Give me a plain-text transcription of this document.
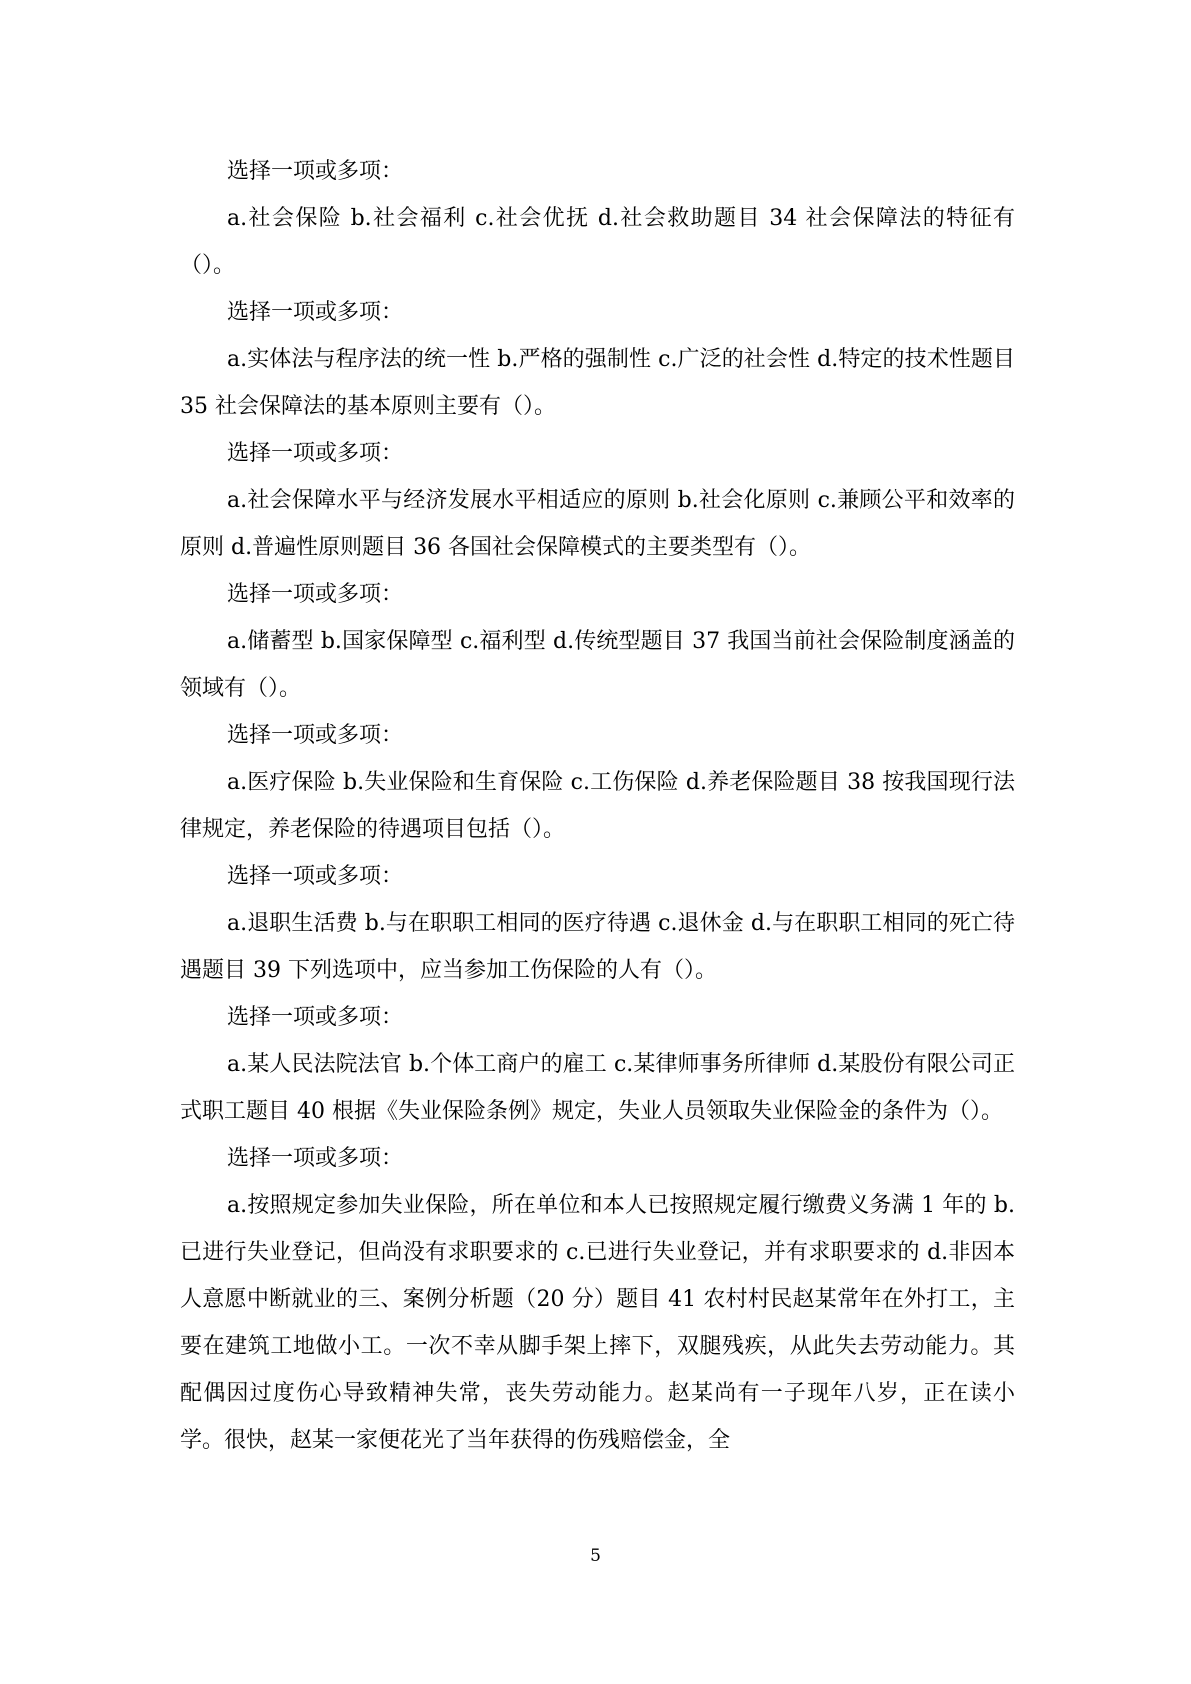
选择一项或多项：

a.社会保险 b.社会福利 c.社会优抚 d.社会救助题目 34 社会保障法的特征有（）。

选择一项或多项：

a.实体法与程序法的统一性 b.严格的强制性 c.广泛的社会性 d.特定的技术性题目 35 社会保障法的基本原则主要有（）。

选择一项或多项：

a.社会保障水平与经济发展水平相适应的原则 b.社会化原则 c.兼顾公平和效率的原则 d.普遍性原则题目 36 各国社会保障模式的主要类型有（）。

选择一项或多项：

a.储蓄型 b.国家保障型 c.福利型 d.传统型题目 37 我国当前社会保险制度涵盖的领域有（）。

选择一项或多项：

a.医疗保险 b.失业保险和生育保险 c.工伤保险 d.养老保险题目 38 按我国现行法律规定，养老保险的待遇项目包括（）。

选择一项或多项：

a.退职生活费 b.与在职职工相同的医疗待遇 c.退休金 d.与在职职工相同的死亡待遇题目 39 下列选项中，应当参加工伤保险的人有（）。

选择一项或多项：

a.某人民法院法官 b.个体工商户的雇工 c.某律师事务所律师 d.某股份有限公司正式职工题目 40 根据《失业保险条例》规定，失业人员领取失业保险金的条件为（）。

选择一项或多项：

a.按照规定参加失业保险，所在单位和本人已按照规定履行缴费义务满 1 年的 b.已进行失业登记，但尚没有求职要求的 c.已进行失业登记，并有求职要求的 d.非因本人意愿中断就业的三、案例分析题（20 分）题目 41 农村村民赵某常年在外打工，主要在建筑工地做小工。一次不幸从脚手架上摔下，双腿残疾，从此失去劳动能力。其配偶因过度伤心导致精神失常，丧失劳动能力。赵某尚有一子现年八岁，正在读小学。很快，赵某一家便花光了当年获得的伤残赔偿金，全

5
